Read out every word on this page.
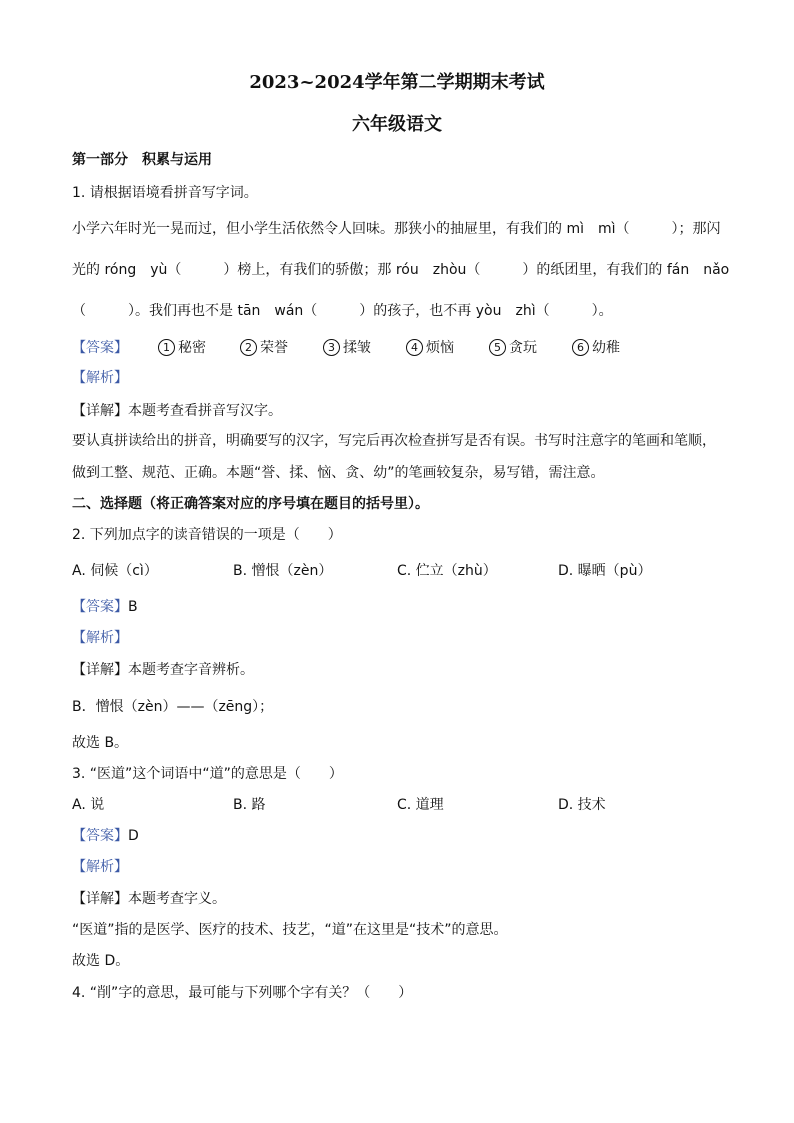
2023~2024学年第二学期期末考试
六年级语文
第一部分　积累与运用
1. 请根据语境看拼音写字词。
小学六年时光一晃而过，但小学生活依然令人回味。那狭小的抽屉里，有我们的 mì　mì（　　　）；那闪
光的 róng　yù（　　　）榜上，有我们的骄傲；那 róu　zhòu（　　　）的纸团里，有我们的 fán　nǎo
（　　　）。我们再也不是 tān　wán（　　　）的孩子，也不再 yòu　zhì（　　　）。
【答案】	1 秘密	2 荣誉	3 揉皱	4 烦恼	5 贪玩	6 幼稚
【解析】
【详解】本题考查看拼音写汉字。
要认真拼读给出的拼音，明确要写的汉字，写完后再次检查拼写是否有误。书写时注意字的笔画和笔顺，
做到工整、规范、正确。本题“誉、揉、恼、贪、幼”的笔画较复杂，易写错，需注意。
二、选择题（将正确答案对应的序号填在题目的括号里）。
2. 下列加点字的读音错误的一项是（　　）
A. 伺候（cì）	B. 憎恨（zèn）	C. 伫立（zhù）	D. 曝晒（pù）
【答案】B
【解析】
【详解】本题考查字音辨析。
B．憎恨（zèn）——（zēng）；
故选 B。
3. “医道”这个词语中“道”的意思是（　　）
A. 说	B. 路	C. 道理	D. 技术
【答案】D
【解析】
【详解】本题考查字义。
“医道”指的是医学、医疗的技术、技艺，“道”在这里是“技术”的意思。
故选 D。
4. “削”字的意思，最可能与下列哪个字有关？（　　）
